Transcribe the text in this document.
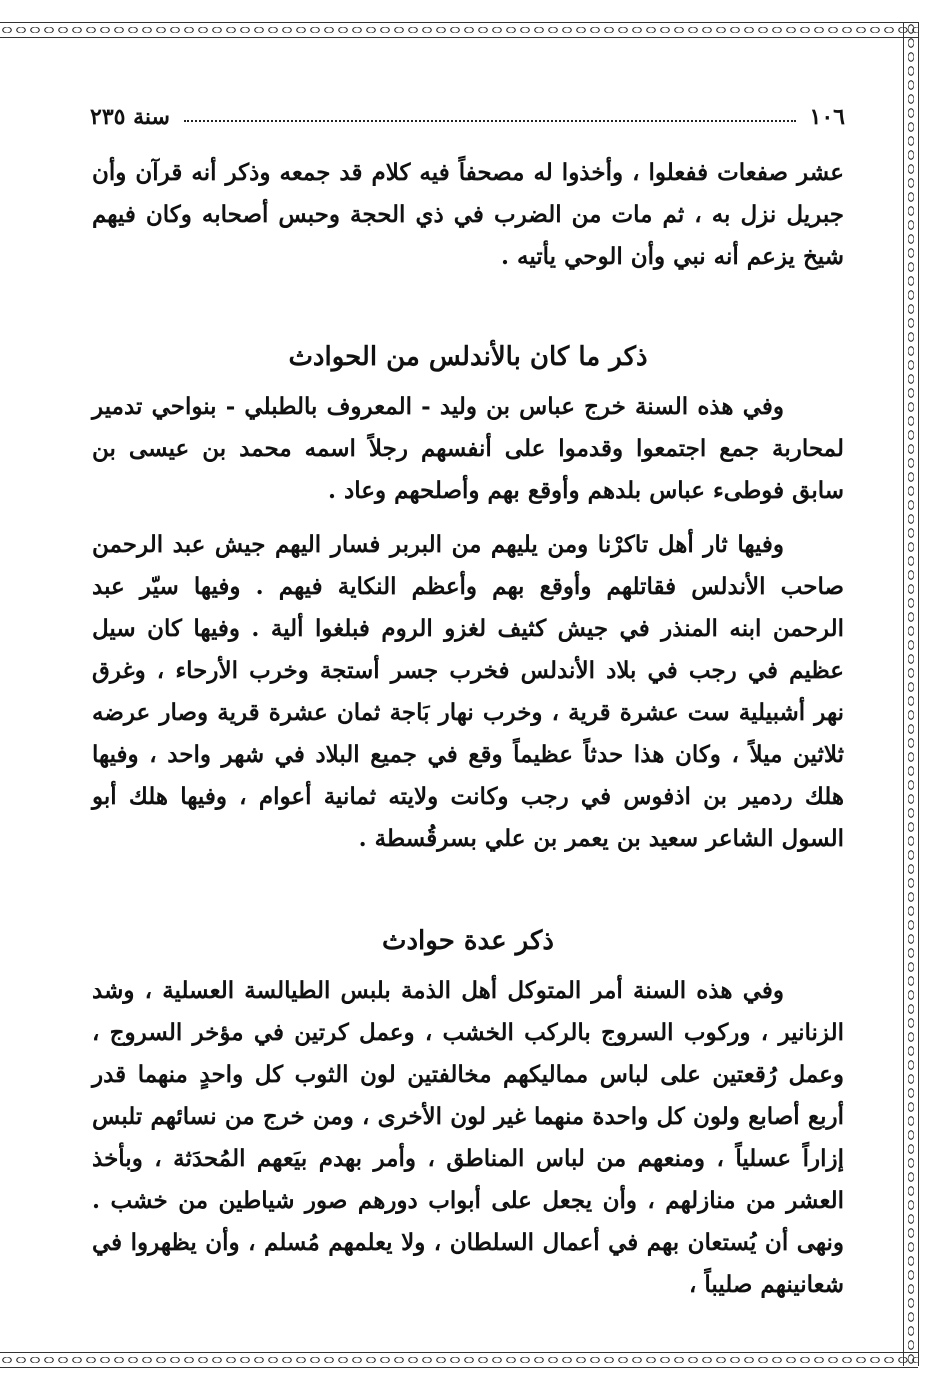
١٠٦
سنة ٢٣٥

عشر صفعات ففعلوا ، وأخذوا له مصحفاً فيه كلام قد جمعه وذكر أنه قرآن وأن جبريل نزل به ، ثم مات من الضرب في ذي الحجة وحبس أصحابه وكان فيهم شيخ يزعم أنه نبي وأن الوحي يأتيه .

ذكر ما كان بالأندلس من الحوادث

وفي هذه السنة خرج عباس بن وليد - المعروف بالطبلي - بنواحي تدمير لمحاربة جمع اجتمعوا وقدموا على أنفسهم رجلاً اسمه محمد بن عيسى بن سابق فوطىء عباس بلدهم وأوقع بهم وأصلحهم وعاد .

وفيها ثار أهل تاكرْنا ومن يليهم من البربر فسار اليهم جيش عبد الرحمن صاحب الأندلس فقاتلهم وأوقع بهم وأعظم النكاية فيهم . وفيها سيّر عبد الرحمن ابنه المنذر في جيش كثيف لغزو الروم فبلغوا ألية . وفيها كان سيل عظيم في رجب في بلاد الأندلس فخرب جسر أستجة وخرب الأرحاء ، وغرق نهر أشبيلية ست عشرة قرية ، وخرب نهار بَاجة ثمان عشرة قرية وصار عرضه ثلاثين ميلاً ، وكان هذا حدثاً عظيماً وقع في جميع البلاد في شهر واحد ، وفيها هلك ردمير بن اذفوس في رجب وكانت ولايته ثمانية أعوام ، وفيها هلك أبو السول الشاعر سعيد بن يعمر بن علي بسرقُسطة .

ذكر عدة حوادث

وفي هذه السنة أمر المتوكل أهل الذمة بلبس الطيالسة العسلية ، وشد الزنانير ، وركوب السروج بالركب الخشب ، وعمل كرتين في مؤخر السروج ، وعمل رُقعتين على لباس مماليكهم مخالفتين لون الثوب كل واحدٍ منهما قدر أربع أصابع ولون كل واحدة منهما غير لون الأخرى ، ومن خرج من نسائهم تلبس إزاراً عسلياً ، ومنعهم من لباس المناطق ، وأمر بهدم بيَعهم المُحدَثة ، وبأخذ العشر من منازلهم ، وأن يجعل على أبواب دورهم صور شياطين من خشب . ونهى أن يُستعان بهم في أعمال السلطان ، ولا يعلمهم مُسلم ، وأن يظهروا في شعانينهم صليباً ،
